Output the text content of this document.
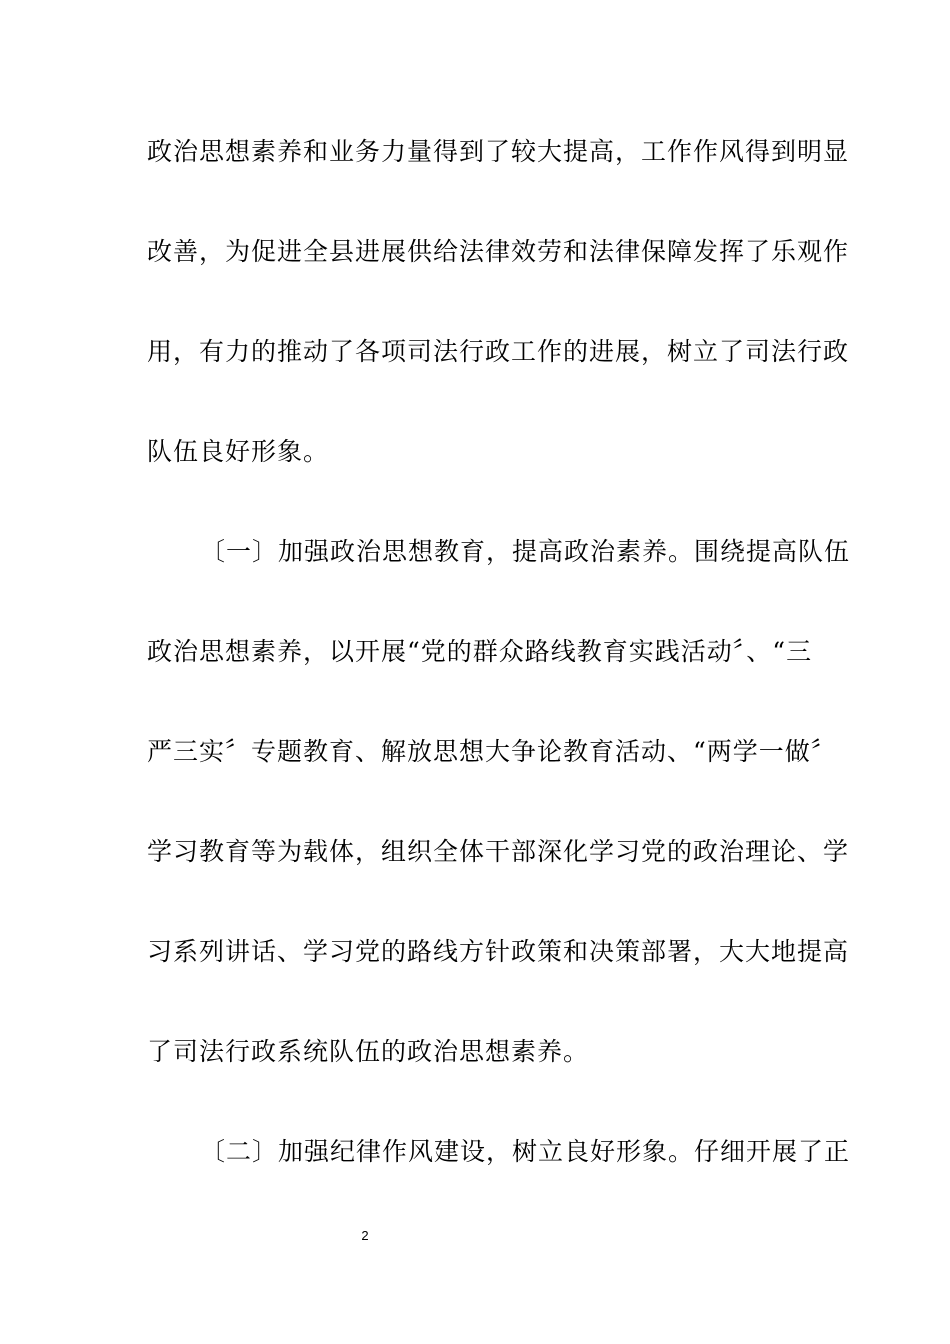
政治思想素养和业务力量得到了较大提高，工作作风得到明显
改善，为促进全县进展供给法律效劳和法律保障发挥了乐观作
用，有力的推动了各项司法行政工作的进展，树立了司法行政
队伍良好形象。
〔一〕加强政治思想教育，提高政治素养。围绕提高队伍
政治思想素养，以开展“党的群众路线教育实践活动〞、“三
严三实〞专题教育、解放思想大争论教育活动、“两学一做〞
学习教育等为载体，组织全体干部深化学习党的政治理论、学
习系列讲话、学习党的路线方针政策和决策部署，大大地提高
了司法行政系统队伍的政治思想素养。
〔二〕加强纪律作风建设，树立良好形象。仔细开展了正
2
